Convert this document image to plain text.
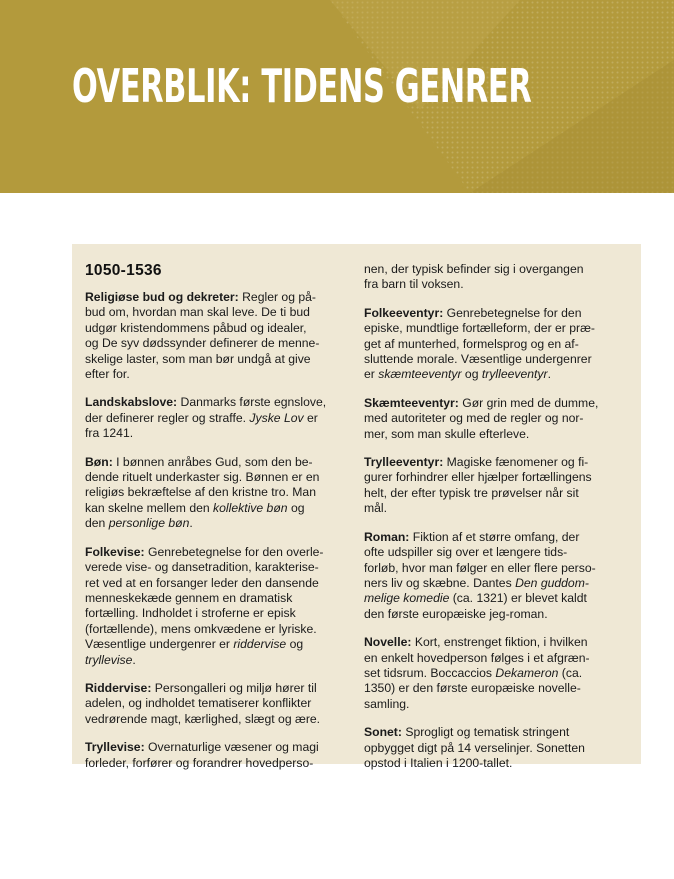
OVERBLIK: TIDENS GENRER

1050-1536

Religiøse bud og dekreter: Regler og på-
bud om, hvordan man skal leve. De ti bud
udgør kristendommens påbud og idealer,
og De syv dødssynder definerer de menne-
skelige laster, som man bør undgå at give
efter for.

Landskabslove: Danmarks første egnslove,
der definerer regler og straffe. Jyske Lov er
fra 1241.

Bøn: I bønnen anråbes Gud, som den be-
dende rituelt underkaster sig. Bønnen er en
religiøs bekræftelse af den kristne tro. Man
kan skelne mellem den kollektive bøn og
den personlige bøn.

Folkevise: Genrebetegnelse for den overle-
verede vise- og dansetradition, karakterise-
ret ved at en forsanger leder den dansende
menneskekæde gennem en dramatisk
fortælling. Indholdet i stroferne er episk
(fortællende), mens omkvædene er lyriske.
Væsentlige undergenrer er riddervise og
tryllevise.

Riddervise: Persongalleri og miljø hører til
adelen, og indholdet tematiserer konflikter
vedrørende magt, kærlighed, slægt og ære.

Tryllevise: Overnaturlige væsener og magi
forleder, forfører og forandrer hovedperso-

nen, der typisk befinder sig i overgangen
fra barn til voksen.

Folkeeventyr: Genrebetegnelse for den
episke, mundtlige fortælleform, der er præ-
get af munterhed, formelsprog og en af-
sluttende morale. Væsentlige undergenrer
er skæmteeventyr og trylleeventyr.

Skæmteeventyr: Gør grin med de dumme,
med autoriteter og med de regler og nor-
mer, som man skulle efterleve.

Trylleeventyr: Magiske fænomener og fi-
gurer forhindrer eller hjælper fortællingens
helt, der efter typisk tre prøvelser når sit
mål.

Roman: Fiktion af et større omfang, der
ofte udspiller sig over et længere tids-
forløb, hvor man følger en eller flere perso-
ners liv og skæbne. Dantes Den guddom-
melige komedie (ca. 1321) er blevet kaldt
den første europæiske jeg-roman.

Novelle: Kort, enstrenget fiktion, i hvilken
en enkelt hovedperson følges i et afgræn-
set tidsrum. Boccaccios Dekameron (ca.
1350) er den første europæiske novelle-
samling.

Sonet: Sprogligt og tematisk stringent
opbygget digt på 14 verselinjer. Sonetten
opstod i Italien i 1200-tallet.
